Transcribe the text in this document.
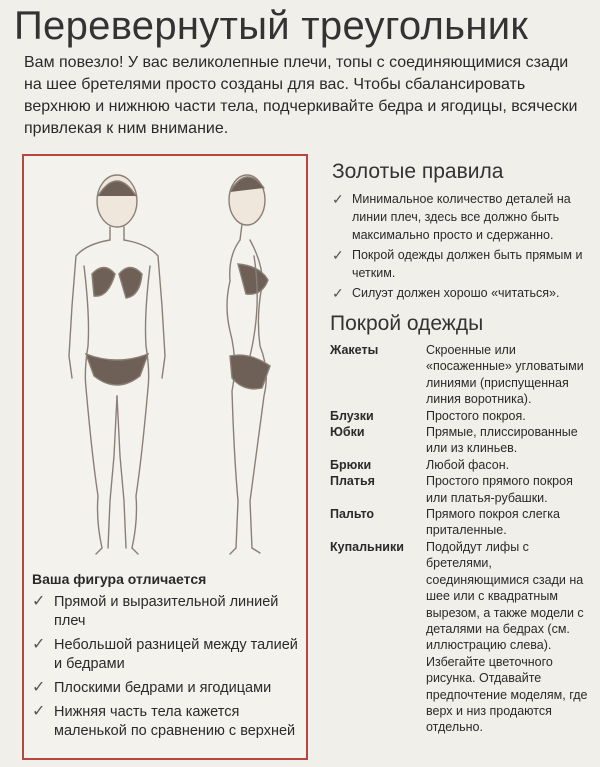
Перевернутый треугольник

Вам повезло! У вас великолепные плечи, топы с соединяющимися сзади на шее бретелями просто созданы для вас. Чтобы сбалансировать верхнюю и нижнюю части тела, подчеркивайте бедра и ягодицы, всячески привлекая к ним внимание.

Ваша фигура отличается
✓ Прямой и выразительной линией плеч
✓ Небольшой разницей между талией и бедрами
✓ Плоскими бедрами и ягодицами
✓ Нижняя часть тела кажется маленькой по сравнению с верхней
Золотые правила
✓ Минимальное количество деталей на линии плеч, здесь все должно быть максимально просто и сдержанно.
✓ Покрой одежды должен быть прямым и четким.
✓ Силуэт должен хорошо «читаться».
Покрой одежды
Жакеты	Скроенные или «посаженные» угловатыми линиями (приспущенная линия воротника).
Блузки	Простого покроя.
Юбки	Прямые, плиссированные или из клиньев.
Брюки	Любой фасон.
Платья	Простого прямого покроя или платья-рубашки.
Пальто	Прямого покроя слегка приталенные.
Купальники	Подойдут лифы с бретелями, соединяющимися сзади на шее или с квадратным вырезом, а также модели с деталями на бедрах (см. иллюстрацию слева). Избегайте цветочного рисунка. Отдавайте предпочтение моделям, где верх и низ продаются отдельно.
